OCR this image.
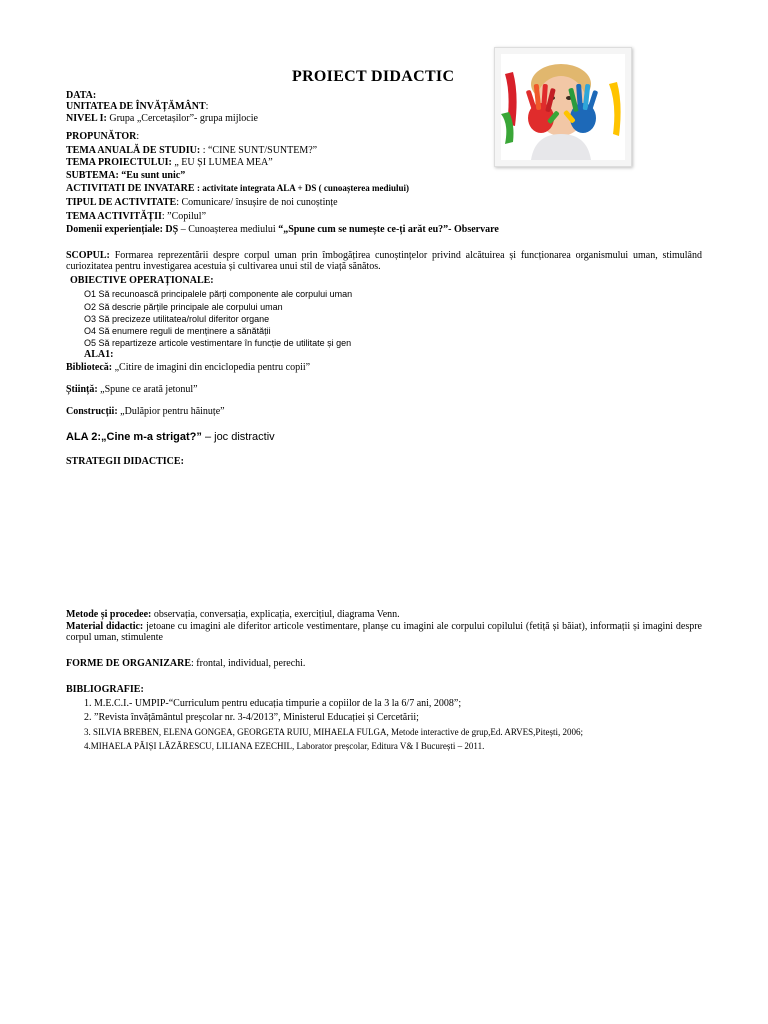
PROIECT DIDACTIC
DATA:
UNITATEA DE ÎNVĂȚĂMÂNT:
NIVEL I: Grupa „Cercetașilor”- grupa mijlocie
PROPUNĂTOR:
TEMA ANUALĂ DE STUDIU: : “CINE SUNT/SUNTEM?”
TEMA PROIECTULUI: „ EU ȘI LUMEA MEA”
SUBTEMA: “Eu sunt unic”
ACTIVITATI DE INVATARE : activitate integrata ALA + DS ( cunoașterea mediului)
TIPUL DE ACTIVITATE: Comunicare/ însușire de noi cunoștințe
TEMA ACTIVITĂȚII: ”Copilul”
Domenii experiențiale: DȘ – Cunoașterea mediului “„Spune cum se numește ce-ți arăt eu?”- Observare
SCOPUL: Formarea reprezentării despre corpul uman prin îmbogățirea cunoștințelor privind alcătuirea și funcționarea organismului uman, stimulând curiozitatea pentru investigarea acestuia și cultivarea unui stil de viață sănătos.
OBIECTIVE OPERAȚIONALE:
O1 Să recunoască principalele părți componente ale corpului uman
O2 Să descrie părțile principale ale corpului uman
O3 Să precizeze utilitatea/rolul diferitor organe
O4 Să enumere reguli de menținere a sănătății
O5 Să repartizeze articole vestimentare în funcție de utilitate și gen
ALA1:
Bibliotecă: „Citire de imagini din enciclopedia pentru copii”
Știință: „Spune ce arată jetonul”
Construcții: „Dulăpior pentru hăinuțe”
ALA 2:„Cine m-a strigat?” – joc distractiv
STRATEGII DIDACTICE:
Metode și procedee: observația, conversația, explicația, exercițiul, diagrama Venn.
Material didactic: jetoane cu imagini ale diferitor articole vestimentare, planșe cu imagini ale corpului copilului (fetiță și băiat), informații și imagini despre corpul uman, stimulente
FORME DE ORGANIZARE: frontal, individual, perechi.
BIBLIOGRAFIE:
1. M.E.C.I.- UMPIP-“Curriculum pentru educația timpurie a copiilor de la 3 la 6/7 ani, 2008”;
2. ”Revista învățământul preșcolar nr. 3-4/2013”, Ministerul Educației și Cercetării;
3. SILVIA BREBEN, ELENA GONGEA, GEORGETA RUIU, MIHAELA FULGA, Metode interactive de grup,Ed. ARVES,Pitești, 2006;
4.MIHAELA PĂIȘI LĂZĂRESCU, LILIANA EZECHIL, Laborator preșcolar, Editura V& I București – 2011.
